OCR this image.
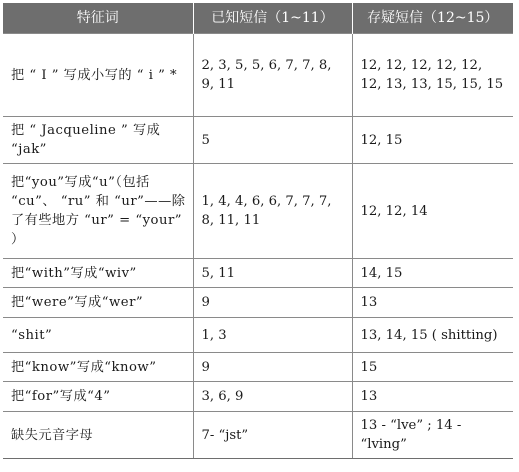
特征词	已知短信（1~11）	存疑短信（12~15）
把 “ I ” 写成小写的 “ i ” *	2, 3, 5, 5, 6, 7, 7, 8, 9, 11	12, 12, 12, 12, 12, 12, 13, 13, 15, 15, 15
把 “ Jacqueline ” 写成 “jak”	5	12, 15
把“you”写成“u”（包括 “cu”、 “ru” 和 “ur”——除了有些地方 “ur” = “your” ）	1, 4, 4, 6, 6, 7, 7, 7, 8, 11, 11	12, 12, 14
把“with”写成“wiv”	5, 11	14, 15
把“were”写成“wer”	9	13
“shit”	1, 3	13, 14, 15 ( shitting)
把“know”写成“know”	9	15
把“for”写成“4”	3, 6, 9	13
缺失元音字母	7- “jst”	13 - “lve” ; 14 - “lving”
